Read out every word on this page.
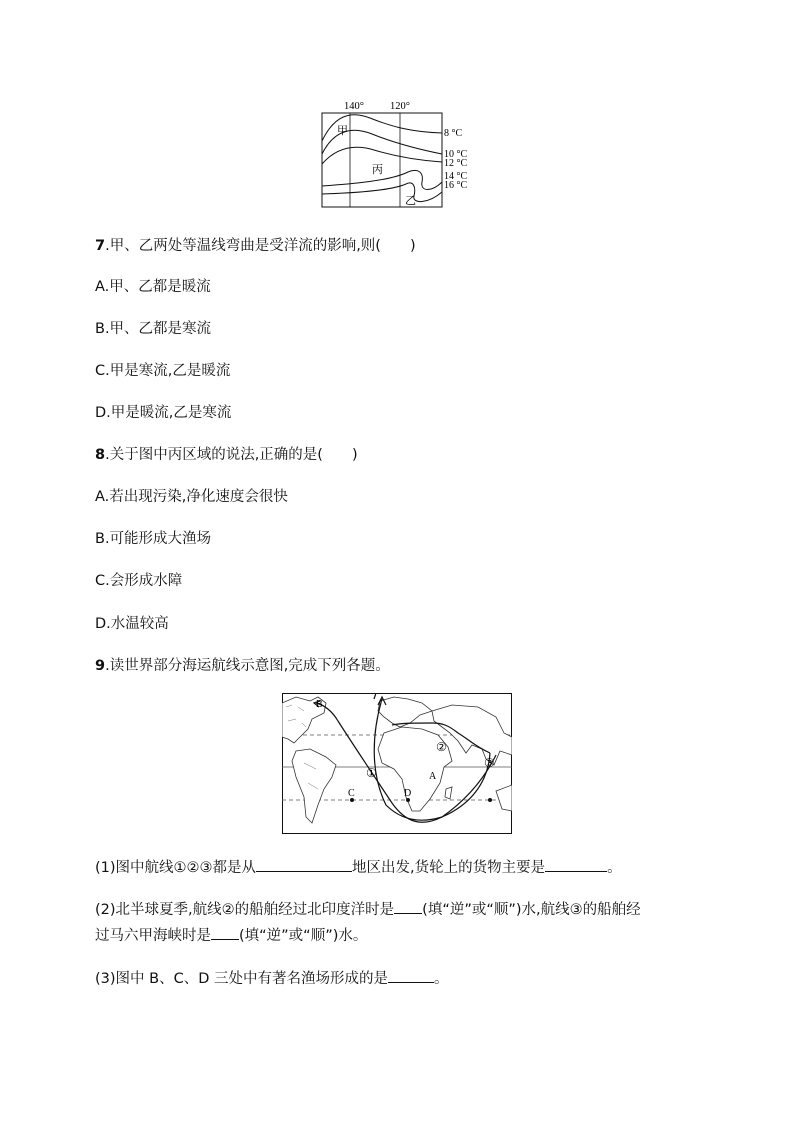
140° 120°
甲
丙
乙
8 °C
10 °C
12 °C
14 °C
16 °C
7.甲、乙两处等温线弯曲是受洋流的影响,则(　　)
A.甲、乙都是暖流
B.甲、乙都是寒流
C.甲是寒流,乙是暖流
D.甲是暖流,乙是寒流
8.关于图中丙区域的说法,正确的是(　　)
A.若出现污染,净化速度会很快
B.可能形成大渔场
C.会形成水障
D.水温较高
9.读世界部分海运航线示意图,完成下列各题。
B
①
②
③
A
C	D
(1)图中航线①②③都是从	地区出发,货轮上的货物主要是	。
(2)北半球夏季,航线②的船舶经过北印度洋时是 (填“逆”或“顺”)水,航线③的船舶经
过马六甲海峡时是 (填“逆”或“顺”)水。
(3)图中 B、C、D 三处中有著名渔场形成的是	。
